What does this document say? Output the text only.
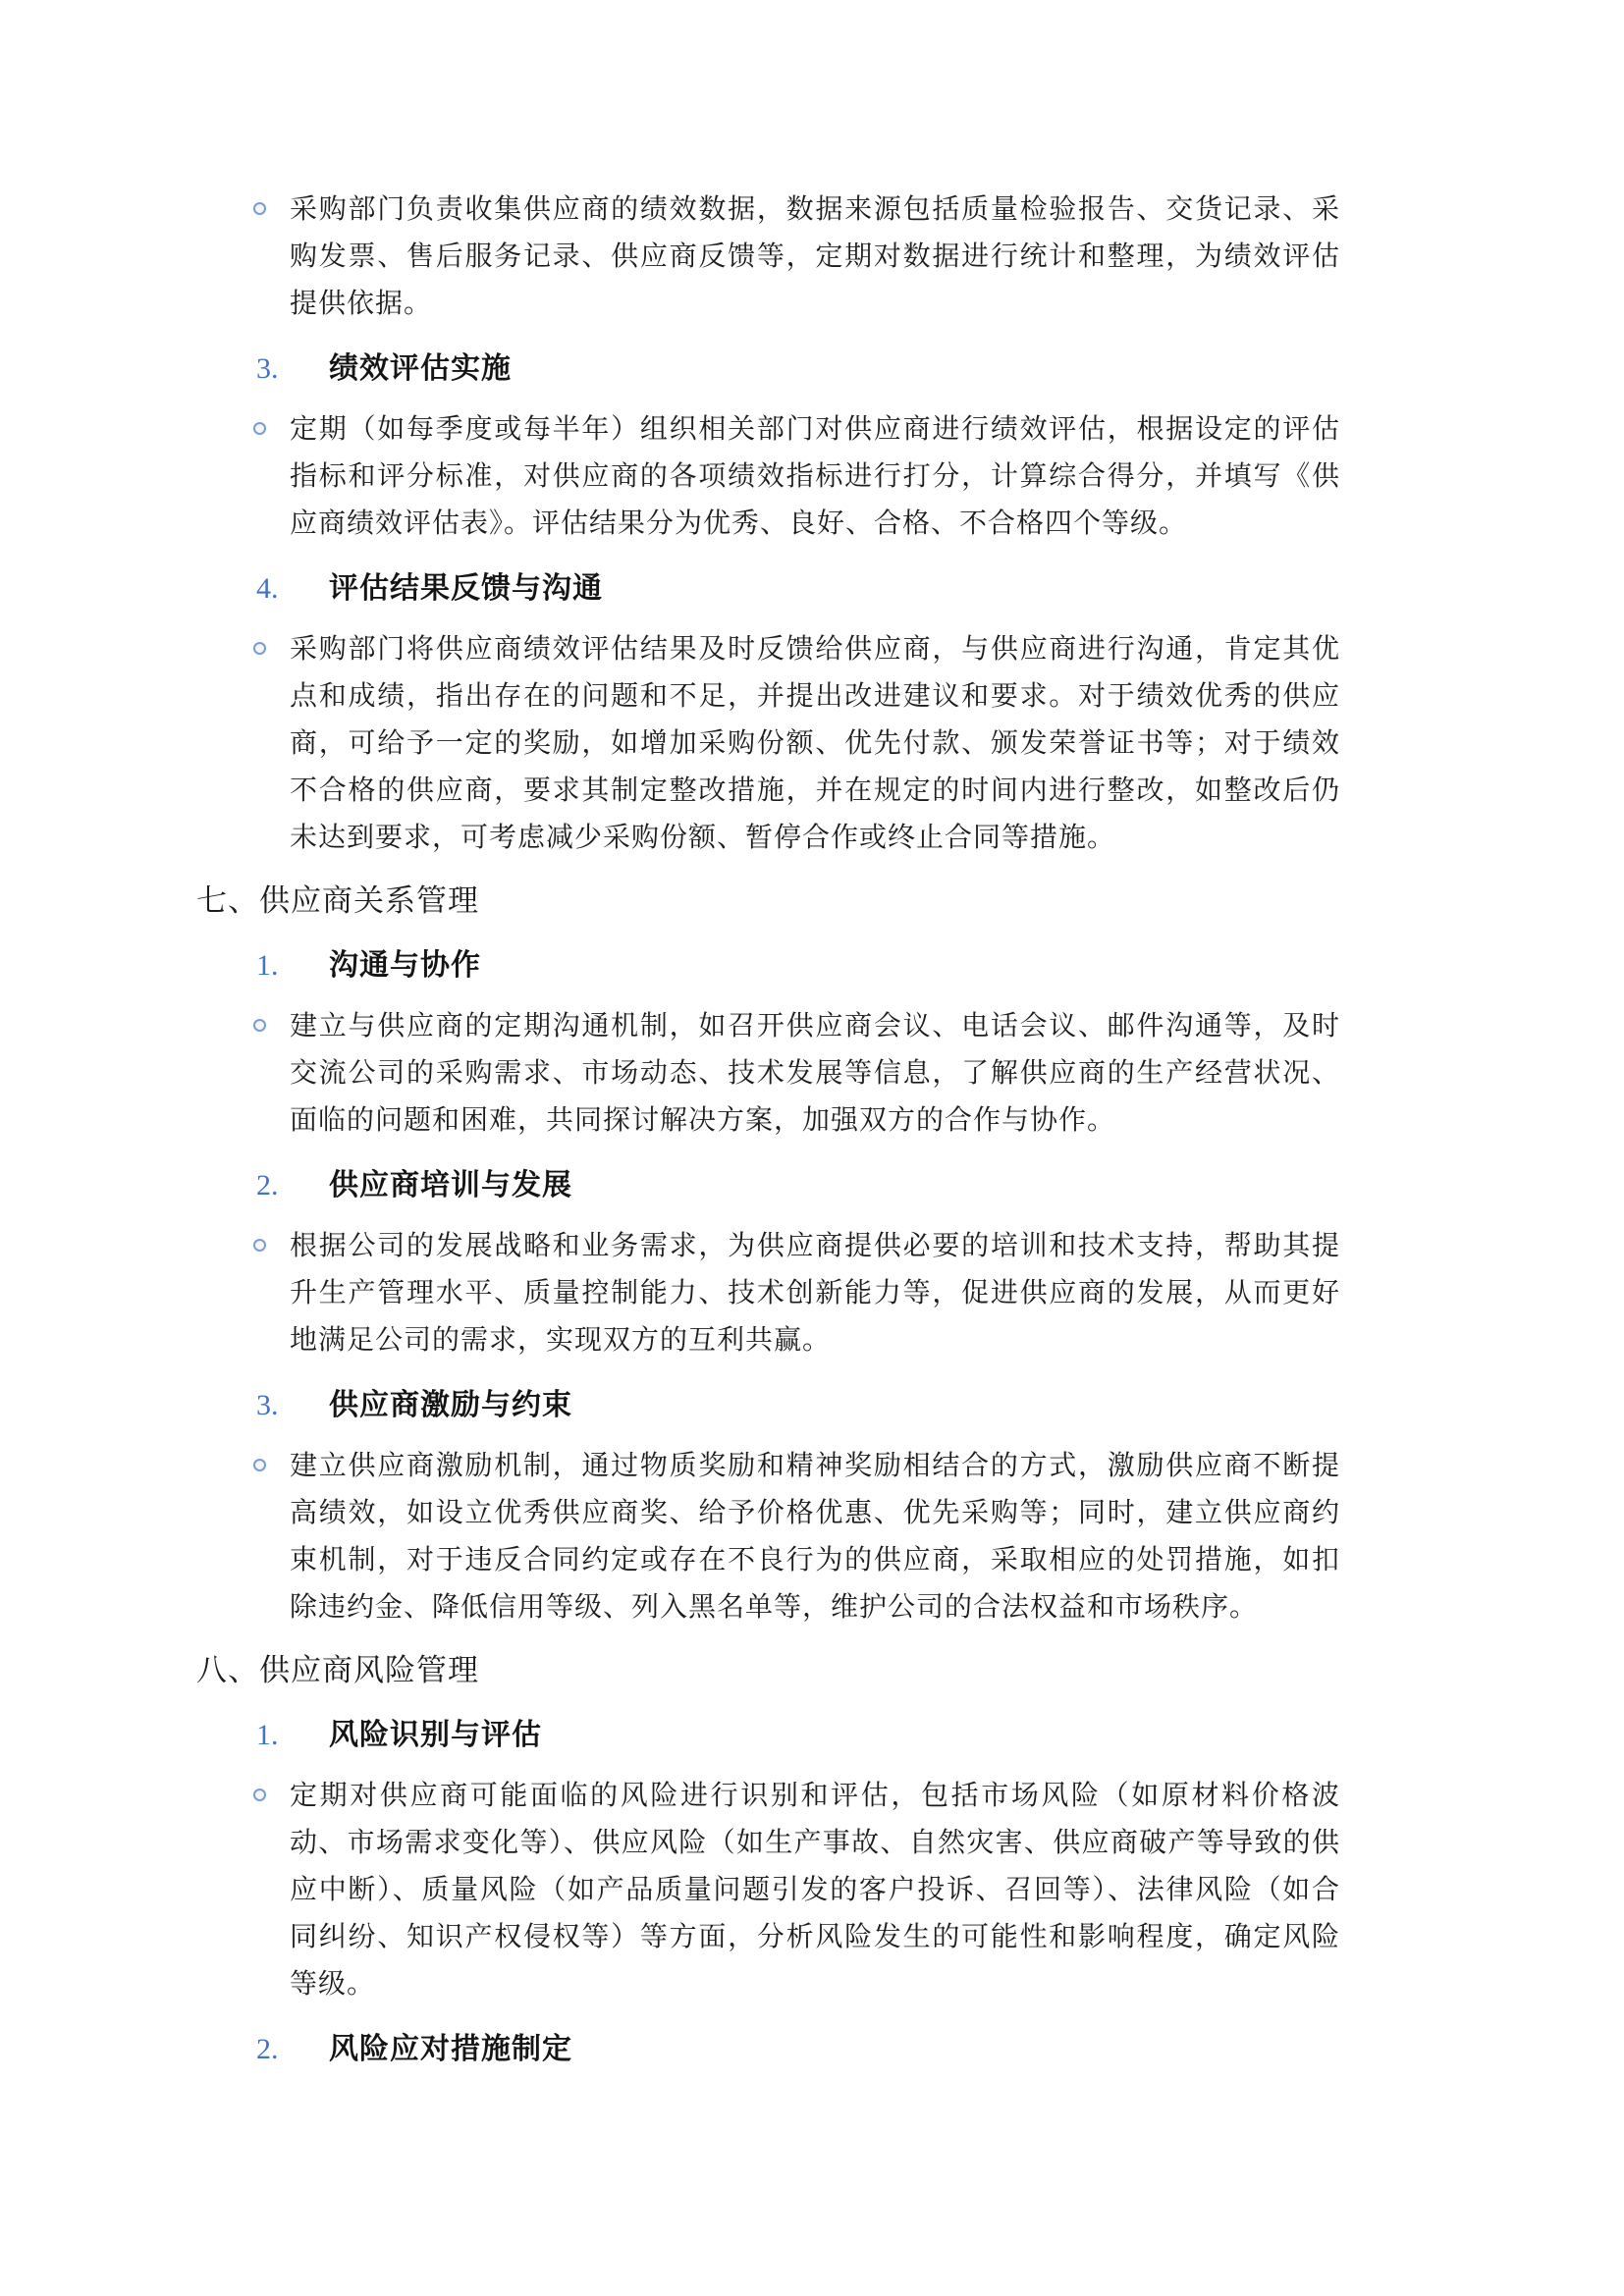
采购部门负责收集供应商的绩效数据，数据来源包括质量检验报告、交货记录、采购发票、售后服务记录、供应商反馈等，定期对数据进行统计和整理，为绩效评估提供依据。
3. 绩效评估实施
定期（如每季度或每半年）组织相关部门对供应商进行绩效评估，根据设定的评估指标和评分标准，对供应商的各项绩效指标进行打分，计算综合得分，并填写《供应商绩效评估表》。评估结果分为优秀、良好、合格、不合格四个等级。
4. 评估结果反馈与沟通
采购部门将供应商绩效评估结果及时反馈给供应商，与供应商进行沟通，肯定其优点和成绩，指出存在的问题和不足，并提出改进建议和要求。对于绩效优秀的供应商，可给予一定的奖励，如增加采购份额、优先付款、颁发荣誉证书等；对于绩效不合格的供应商，要求其制定整改措施，并在规定的时间内进行整改，如整改后仍未达到要求，可考虑减少采购份额、暂停合作或终止合同等措施。
七、供应商关系管理
1. 沟通与协作
建立与供应商的定期沟通机制，如召开供应商会议、电话会议、邮件沟通等，及时交流公司的采购需求、市场动态、技术发展等信息，了解供应商的生产经营状况、面临的问题和困难，共同探讨解决方案，加强双方的合作与协作。
2. 供应商培训与发展
根据公司的发展战略和业务需求，为供应商提供必要的培训和技术支持，帮助其提升生产管理水平、质量控制能力、技术创新能力等，促进供应商的发展，从而更好地满足公司的需求，实现双方的互利共赢。
3. 供应商激励与约束
建立供应商激励机制，通过物质奖励和精神奖励相结合的方式，激励供应商不断提高绩效，如设立优秀供应商奖、给予价格优惠、优先采购等；同时，建立供应商约束机制，对于违反合同约定或存在不良行为的供应商，采取相应的处罚措施，如扣除违约金、降低信用等级、列入黑名单等，维护公司的合法权益和市场秩序。
八、供应商风险管理
1. 风险识别与评估
定期对供应商可能面临的风险进行识别和评估，包括市场风险（如原材料价格波动、市场需求变化等）、供应风险（如生产事故、自然灾害、供应商破产等导致的供应中断）、质量风险（如产品质量问题引发的客户投诉、召回等）、法律风险（如合同纠纷、知识产权侵权等）等方面，分析风险发生的可能性和影响程度，确定风险等级。
2. 风险应对措施制定
